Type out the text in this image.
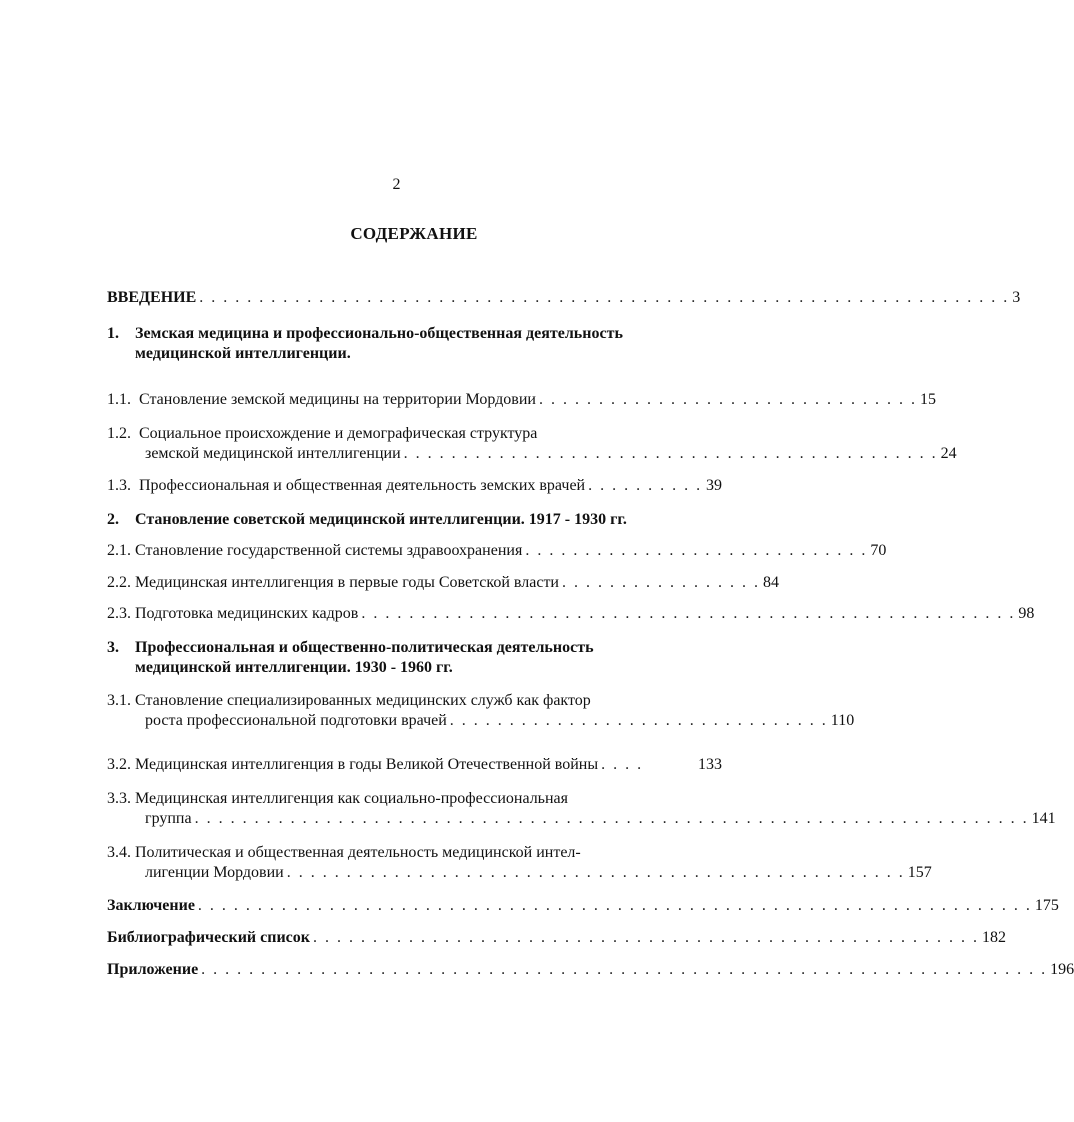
2
СОДЕРЖАНИЕ
ВВЕДЕНИЕ . . . . . . . . . . . . . . . . . . . . . . . . . . . . . . . . . . . . . . . . . . . . . . . . . . . . . . . . . . . . . . . . . . . . 3
1. Земская медицина и профессионально-общественная деятельность
медицинской интеллигенции.
1.1. Становление земской медицины на территории Мордовии . . . . . . . . . . . . . . . . . . . . . . . . . . . . . . . . 15
1.2. Социальное происхождение и демографическая структура
земской медицинской интеллигенции . . . . . . . . . . . . . . . . . . . . . . . . . . . . . . . . . . . . . . . . . . . . . 24
1.3. Профессиональная и общественная деятельность земских врачей . . . . . . . . . . 39
2. Становление советской медицинской интеллигенции. 1917 - 1930 гг.
2.1. Становление государственной системы здравоохранения . . . . . . . . . . . . . . . . . . . . . . . . . . . . . 70
2.2. Медицинская интеллигенция в первые годы Советской власти . . . . . . . . . . . . . . . . . 84
2.3. Подготовка медицинских кадров . . . . . . . . . . . . . . . . . . . . . . . . . . . . . . . . . . . . . . . . . . . . . . . . . . . . . . . 98
3. Профессиональная и общественно-политическая деятельность
медицинской интеллигенции. 1930 - 1960 гг.
3.1. Становление специализированных медицинских служб как фактор
роста профессиональной подготовки врачей . . . . . . . . . . . . . . . . . . . . . . . . . . . . . . . . 110
3.2. Медицинская интеллигенция в годы Великой Отечественной войны . . . .	133
3.3. Медицинская интеллигенция как социально-профессиональная
группа . . . . . . . . . . . . . . . . . . . . . . . . . . . . . . . . . . . . . . . . . . . . . . . . . . . . . . . . . . . . . . . . . . . . . . 141
3.4. Политическая и общественная деятельность медицинской интел-
лигенции Мордовии . . . . . . . . . . . . . . . . . . . . . . . . . . . . . . . . . . . . . . . . . . . . . . . . . . . . 157
Заключение . . . . . . . . . . . . . . . . . . . . . . . . . . . . . . . . . . . . . . . . . . . . . . . . . . . . . . . . . . . . . . . . . . . . . . 175
Библиографический список . . . . . . . . . . . . . . . . . . . . . . . . . . . . . . . . . . . . . . . . . . . . . . . . . . . . . . . . 182
Приложение . . . . . . . . . . . . . . . . . . . . . . . . . . . . . . . . . . . . . . . . . . . . . . . . . . . . . . . . . . . . . . . . . . . . . . . 196
